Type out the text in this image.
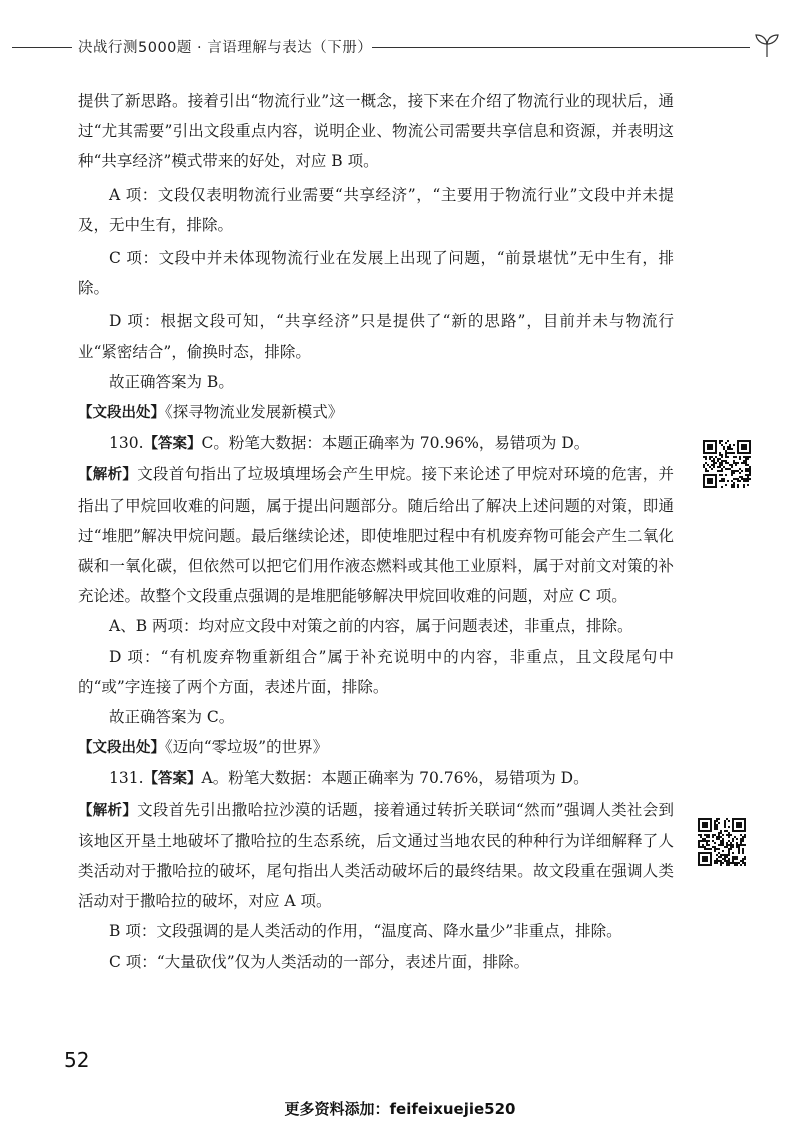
决战行测5000题 · 言语理解与表达（下册）

提供了新思路。接着引出“物流行业”这一概念，接下来在介绍了物流行业的现状后，通过“尤其需要”引出文段重点内容，说明企业、物流公司需要共享信息和资源，并表明这种“共享经济”模式带来的好处，对应 B 项。

A 项：文段仅表明物流行业需要“共享经济”，“主要用于物流行业”文段中并未提及，无中生有，排除。

C 项：文段中并未体现物流行业在发展上出现了问题，“前景堪忧”无中生有，排除。

D 项：根据文段可知，“共享经济”只是提供了“新的思路”，目前并未与物流行业“紧密结合”，偷换时态，排除。

故正确答案为 B。

【文段出处】《探寻物流业发展新模式》

130.【答案】C。粉笔大数据：本题正确率为 70.96%，易错项为 D。

【解析】文段首句指出了垃圾填埋场会产生甲烷。接下来论述了甲烷对环境的危害，并指出了甲烷回收难的问题，属于提出问题部分。随后给出了解决上述问题的对策，即通过“堆肥”解决甲烷问题。最后继续论述，即使堆肥过程中有机废弃物可能会产生二氧化碳和一氧化碳，但依然可以把它们用作液态燃料或其他工业原料，属于对前文对策的补充论述。故整个文段重点强调的是堆肥能够解决甲烷回收难的问题，对应 C 项。

A、B 两项：均对应文段中对策之前的内容，属于问题表述，非重点，排除。

D 项：“有机废弃物重新组合”属于补充说明中的内容，非重点，且文段尾句中的“或”字连接了两个方面，表述片面，排除。

故正确答案为 C。

【文段出处】《迈向“零垃圾”的世界》

131.【答案】A。粉笔大数据：本题正确率为 70.76%，易错项为 D。

【解析】文段首先引出撒哈拉沙漠的话题，接着通过转折关联词“然而”强调人类社会到该地区开垦土地破坏了撒哈拉的生态系统，后文通过当地农民的种种行为详细解释了人类活动对于撒哈拉的破坏，尾句指出人类活动破坏后的最终结果。故文段重在强调人类活动对于撒哈拉的破坏，对应 A 项。

B 项：文段强调的是人类活动的作用，“温度高、降水量少”非重点，排除。

C 项：“大量砍伐”仅为人类活动的一部分，表述片面，排除。

52
更多资料添加：feifeixuejie520
